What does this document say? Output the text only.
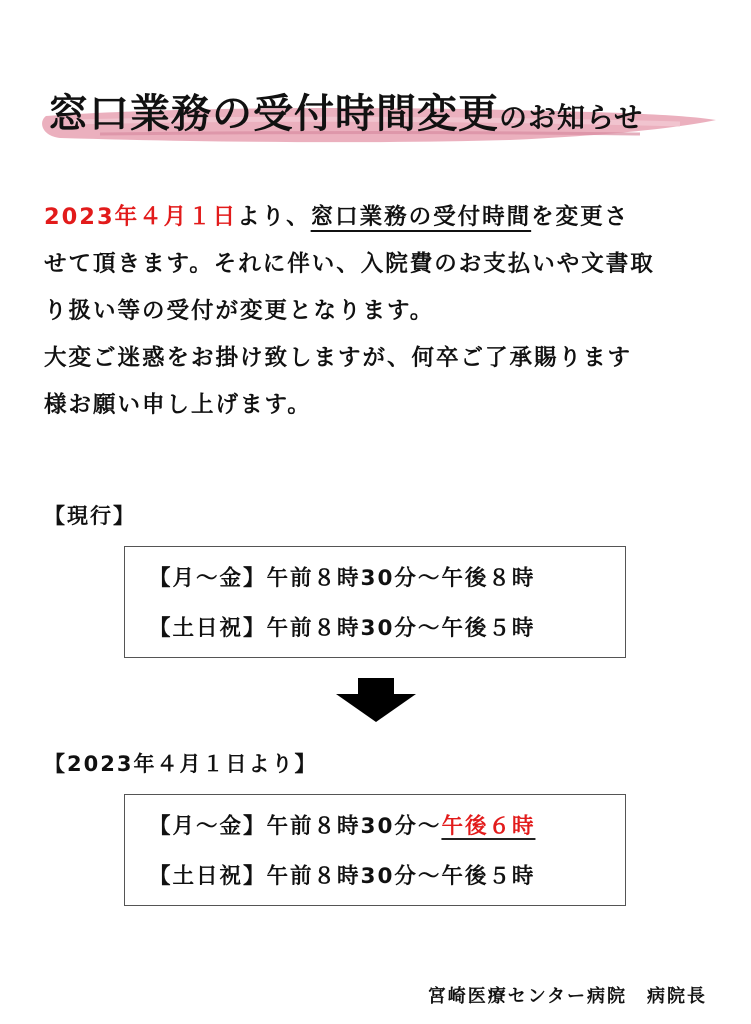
窓口業務の受付時間変更のお知らせ
2023年４月１日より、窓口業務の受付時間を変更さ
せて頂きます。それに伴い、入院費のお支払いや文書取
り扱い等の受付が変更となります。
大変ご迷惑をお掛け致しますが、何卒ご了承賜ります
様お願い申し上げます。
【現行】
【月～金】午前８時30分～午後８時
【土日祝】午前８時30分～午後５時
【2023年４月１日より】
【月～金】午前８時30分～午後６時
【土日祝】午前８時30分～午後５時
宮崎医療センター病院　病院長
